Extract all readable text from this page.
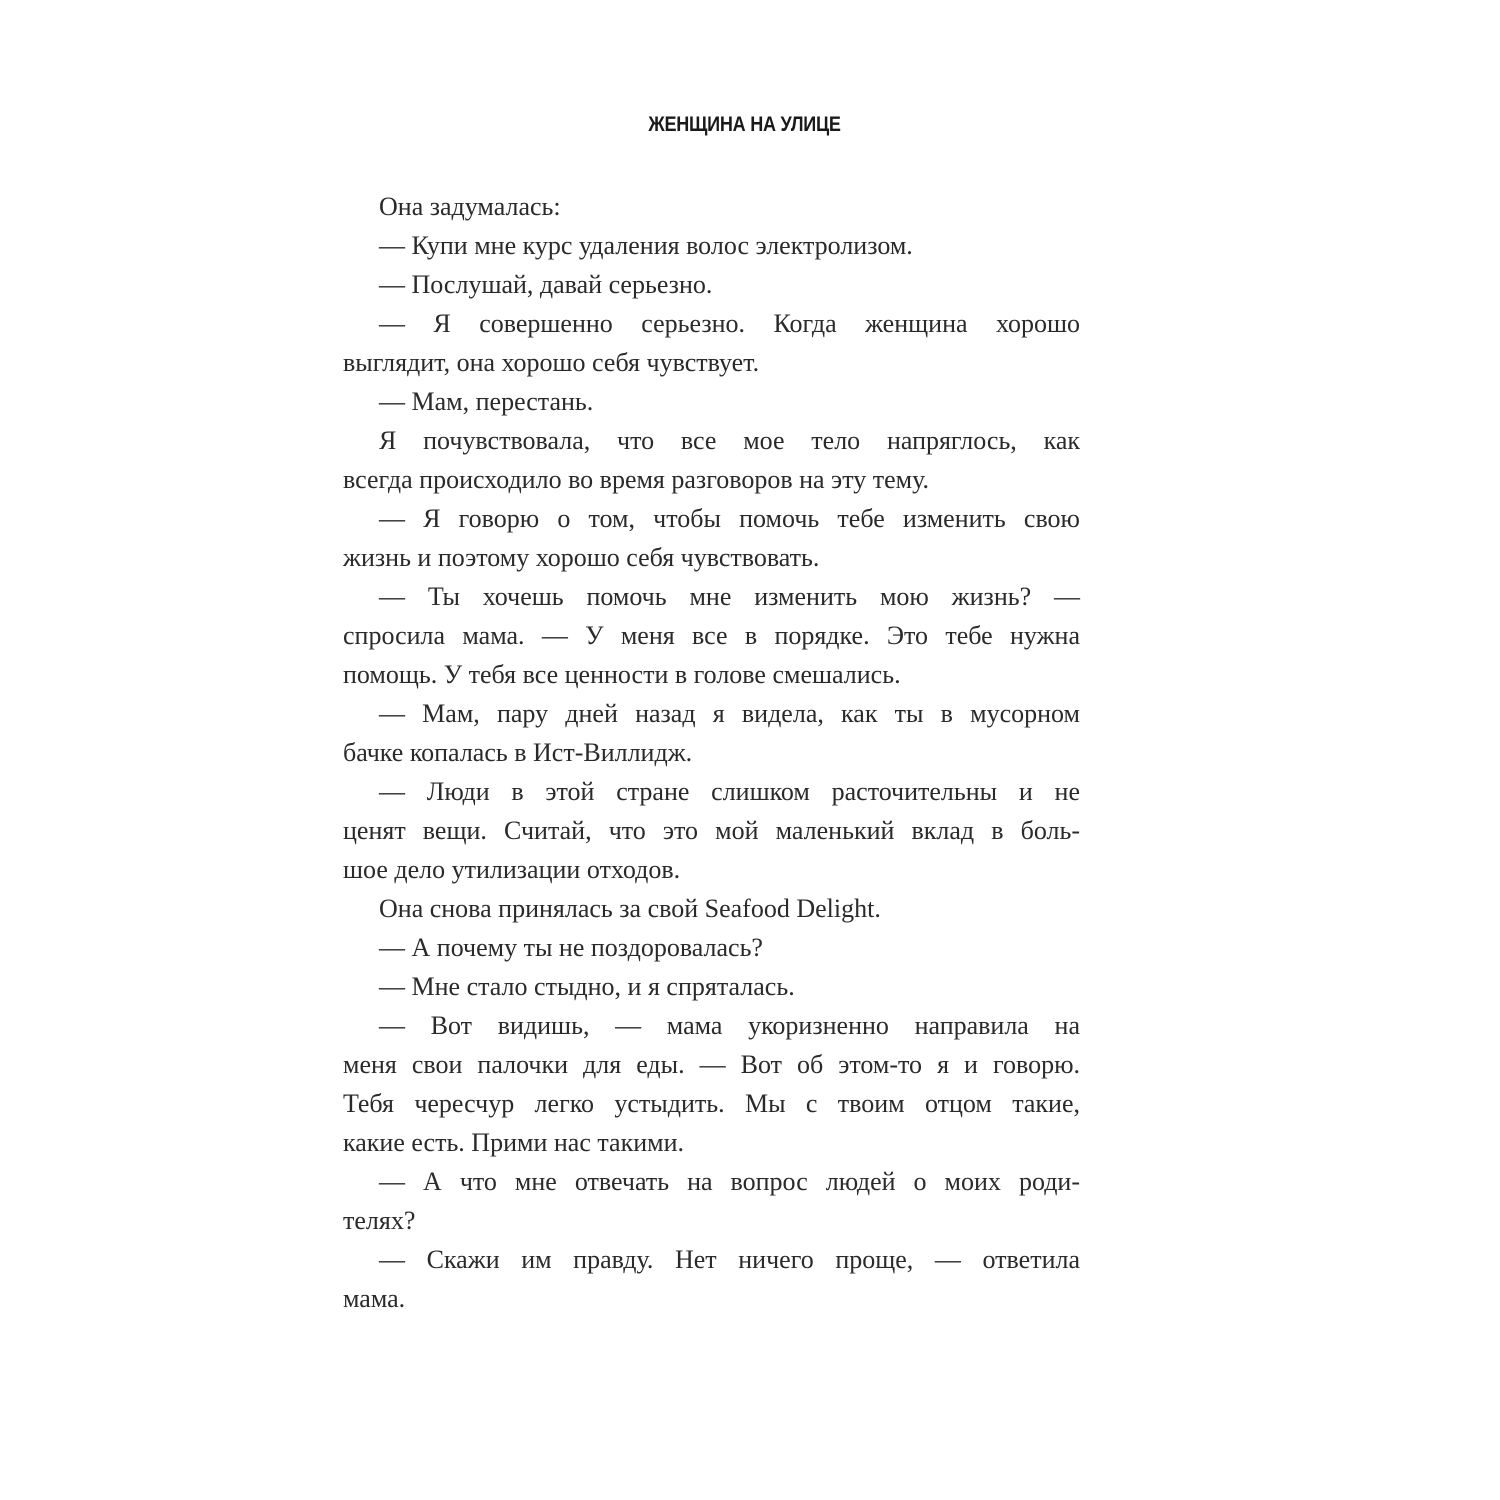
ЖЕНЩИНА НА УЛИЦЕ
Она задумалась:
— Купи мне курс удаления волос электролизом.
— Послушай, давай серьезно.
— Я совершенно серьезно. Когда женщина хорошо
выглядит, она хорошо себя чувствует.
— Мам, перестань.
Я почувствовала, что все мое тело напряглось, как
всегда происходило во время разговоров на эту тему.
— Я говорю о том, чтобы помочь тебе изменить свою
жизнь и поэтому хорошо себя чувствовать.
— Ты хочешь помочь мне изменить мою жизнь? —
спросила мама. — У меня все в порядке. Это тебе нужна
помощь. У тебя все ценности в голове смешались.
— Мам, пару дней назад я видела, как ты в мусорном
бачке копалась в Ист-Виллидж.
— Люди в этой стране слишком расточительны и не
ценят вещи. Считай, что это мой маленький вклад в боль-
шое дело утилизации отходов.
Она снова принялась за свой Seafood Delight.
— А почему ты не поздоровалась?
— Мне стало стыдно, и я спряталась.
— Вот видишь, — мама укоризненно направила на
меня свои палочки для еды. — Вот об этом-то я и говорю.
Тебя чересчур легко устыдить. Мы с твоим отцом такие,
какие есть. Прими нас такими.
— А что мне отвечать на вопрос людей о моих роди-
телях?
— Скажи им правду. Нет ничего проще, — ответила
мама.
